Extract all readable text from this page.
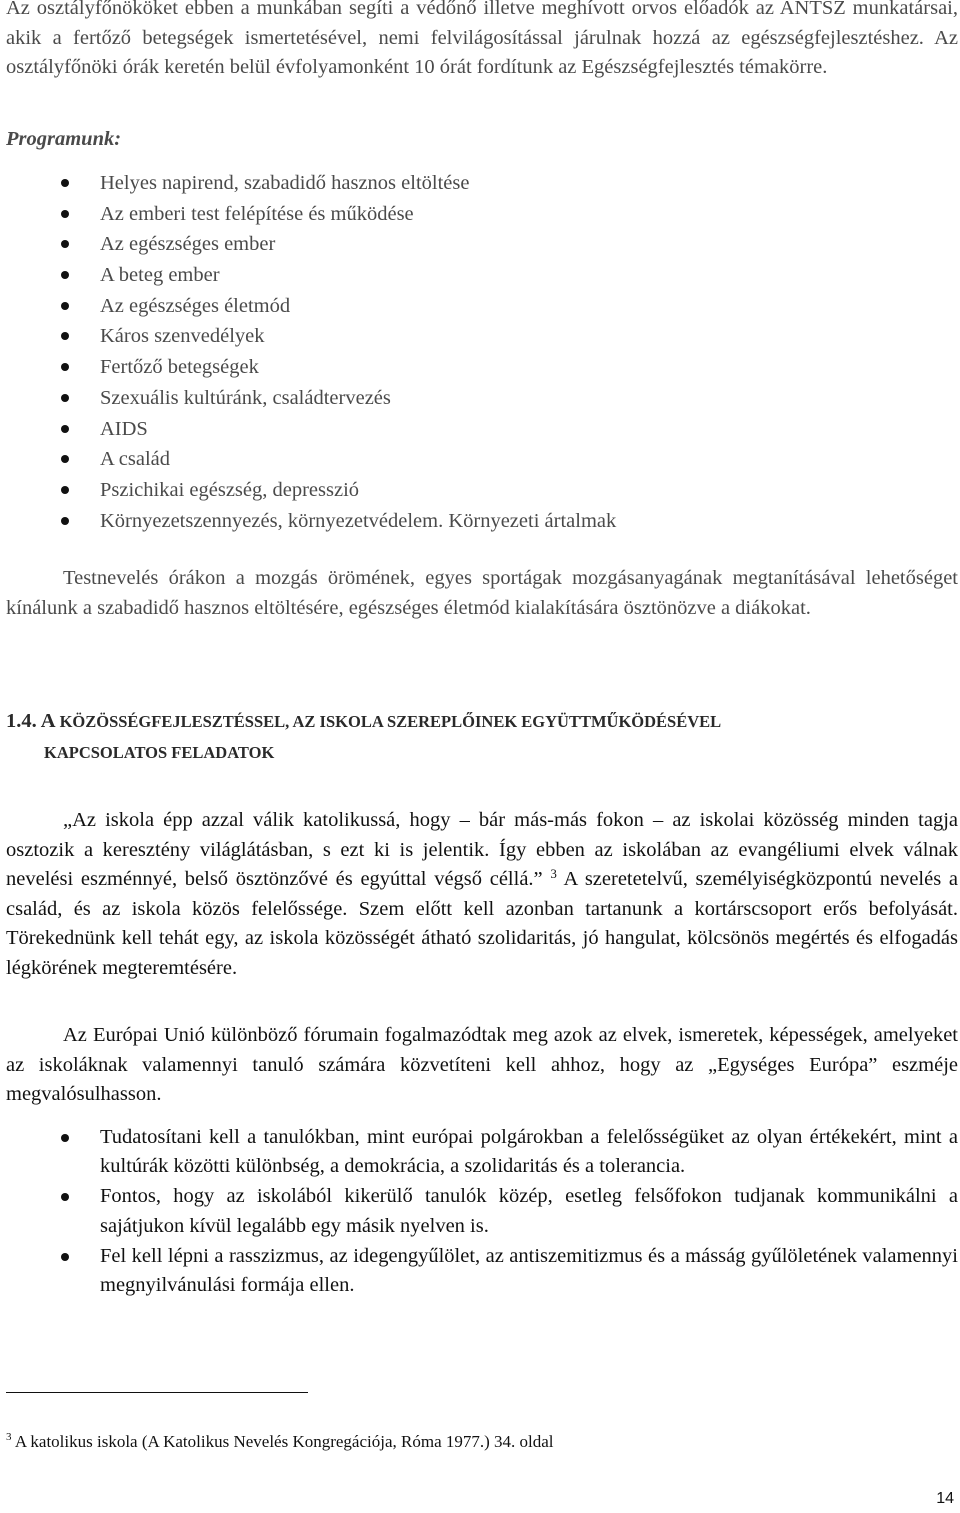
Az osztályfőnököket ebben a munkában segíti a védőnő illetve meghívott orvos előadók az ANTSZ munkatársai, akik a fertőző betegségek ismertetésével, nemi felvilágosítással járulnak hozzá az egészségfejlesztéshez. Az osztályfőnöki órák keretén belül évfolyamonként 10 órát fordítunk az Egészségfejlesztés témakörre.

Programunk:
Helyes napirend, szabadidő hasznos eltöltése
Az emberi test felépítése és működése
Az egészséges ember
A beteg ember
Az egészséges életmód
Káros szenvedélyek
Fertőző betegségek
Szexuális kultúránk, családtervezés
AIDS
A család
Pszichikai egészség, depresszió
Környezetszennyezés, környezetvédelem. Környezeti ártalmak

Testnevelés órákon a mozgás örömének, egyes sportágak mozgásanyagának megtanításával lehetőséget kínálunk a szabadidő hasznos eltöltésére, egészséges életmód kialakítására ösztönözve a diákokat.

1.4. A KÖZÖSSÉGFEJLESZTÉSSEL, AZ ISKOLA SZEREPLŐINEK EGYÜTTMŰKÖDÉSÉVEL
KAPCSOLATOS FELADATOK
„Az iskola épp azzal válik katolikussá, hogy – bár más-más fokon – az iskolai közösség minden tagja osztozik a keresztény világlátásban, s ezt ki is jelentik. Így ebben az iskolában az evangéliumi elvek válnak nevelési eszménnyé, belső ösztönzővé és egyúttal végső céllá.” $^3$ A szeretetelvű, személyiségközpontú nevelés a család, és az iskola közös felelőssége. Szem előtt kell azonban tartanunk a kortárscsoport erős befolyását. Törekednünk kell tehát egy, az iskola közösségét átható szolidaritás, jó hangulat, kölcsönös megértés és elfogadás légkörének megteremtésére.

Az Európai Unió különböző fórumain fogalmazódtak meg azok az elvek, ismeretek, képességek, amelyeket az iskoláknak valamennyi tanuló számára közvetíteni kell ahhoz, hogy az „Egységes Európa” eszméje megvalósulhasson.

Tudatosítani kell a tanulókban, mint európai polgárokban a felelősségüket az olyan értékekért, mint a kultúrák közötti különbség, a demokrácia, a szolidaritás és a tolerancia.
Fontos, hogy az iskolából kikerülő tanulók közép, esetleg felsőfokon tudjanak kommunikálni a sajátjukon kívül legalább egy másik nyelven is.
Fel kell lépni a rasszizmus, az idegengyűlölet, az antiszemitizmus és a másság gyűlöletének valamennyi megnyilvánulási formája ellen.
$^3$ A katolikus iskola (A Katolikus Nevelés Kongregációja, Róma 1977.) 34. oldal
14
